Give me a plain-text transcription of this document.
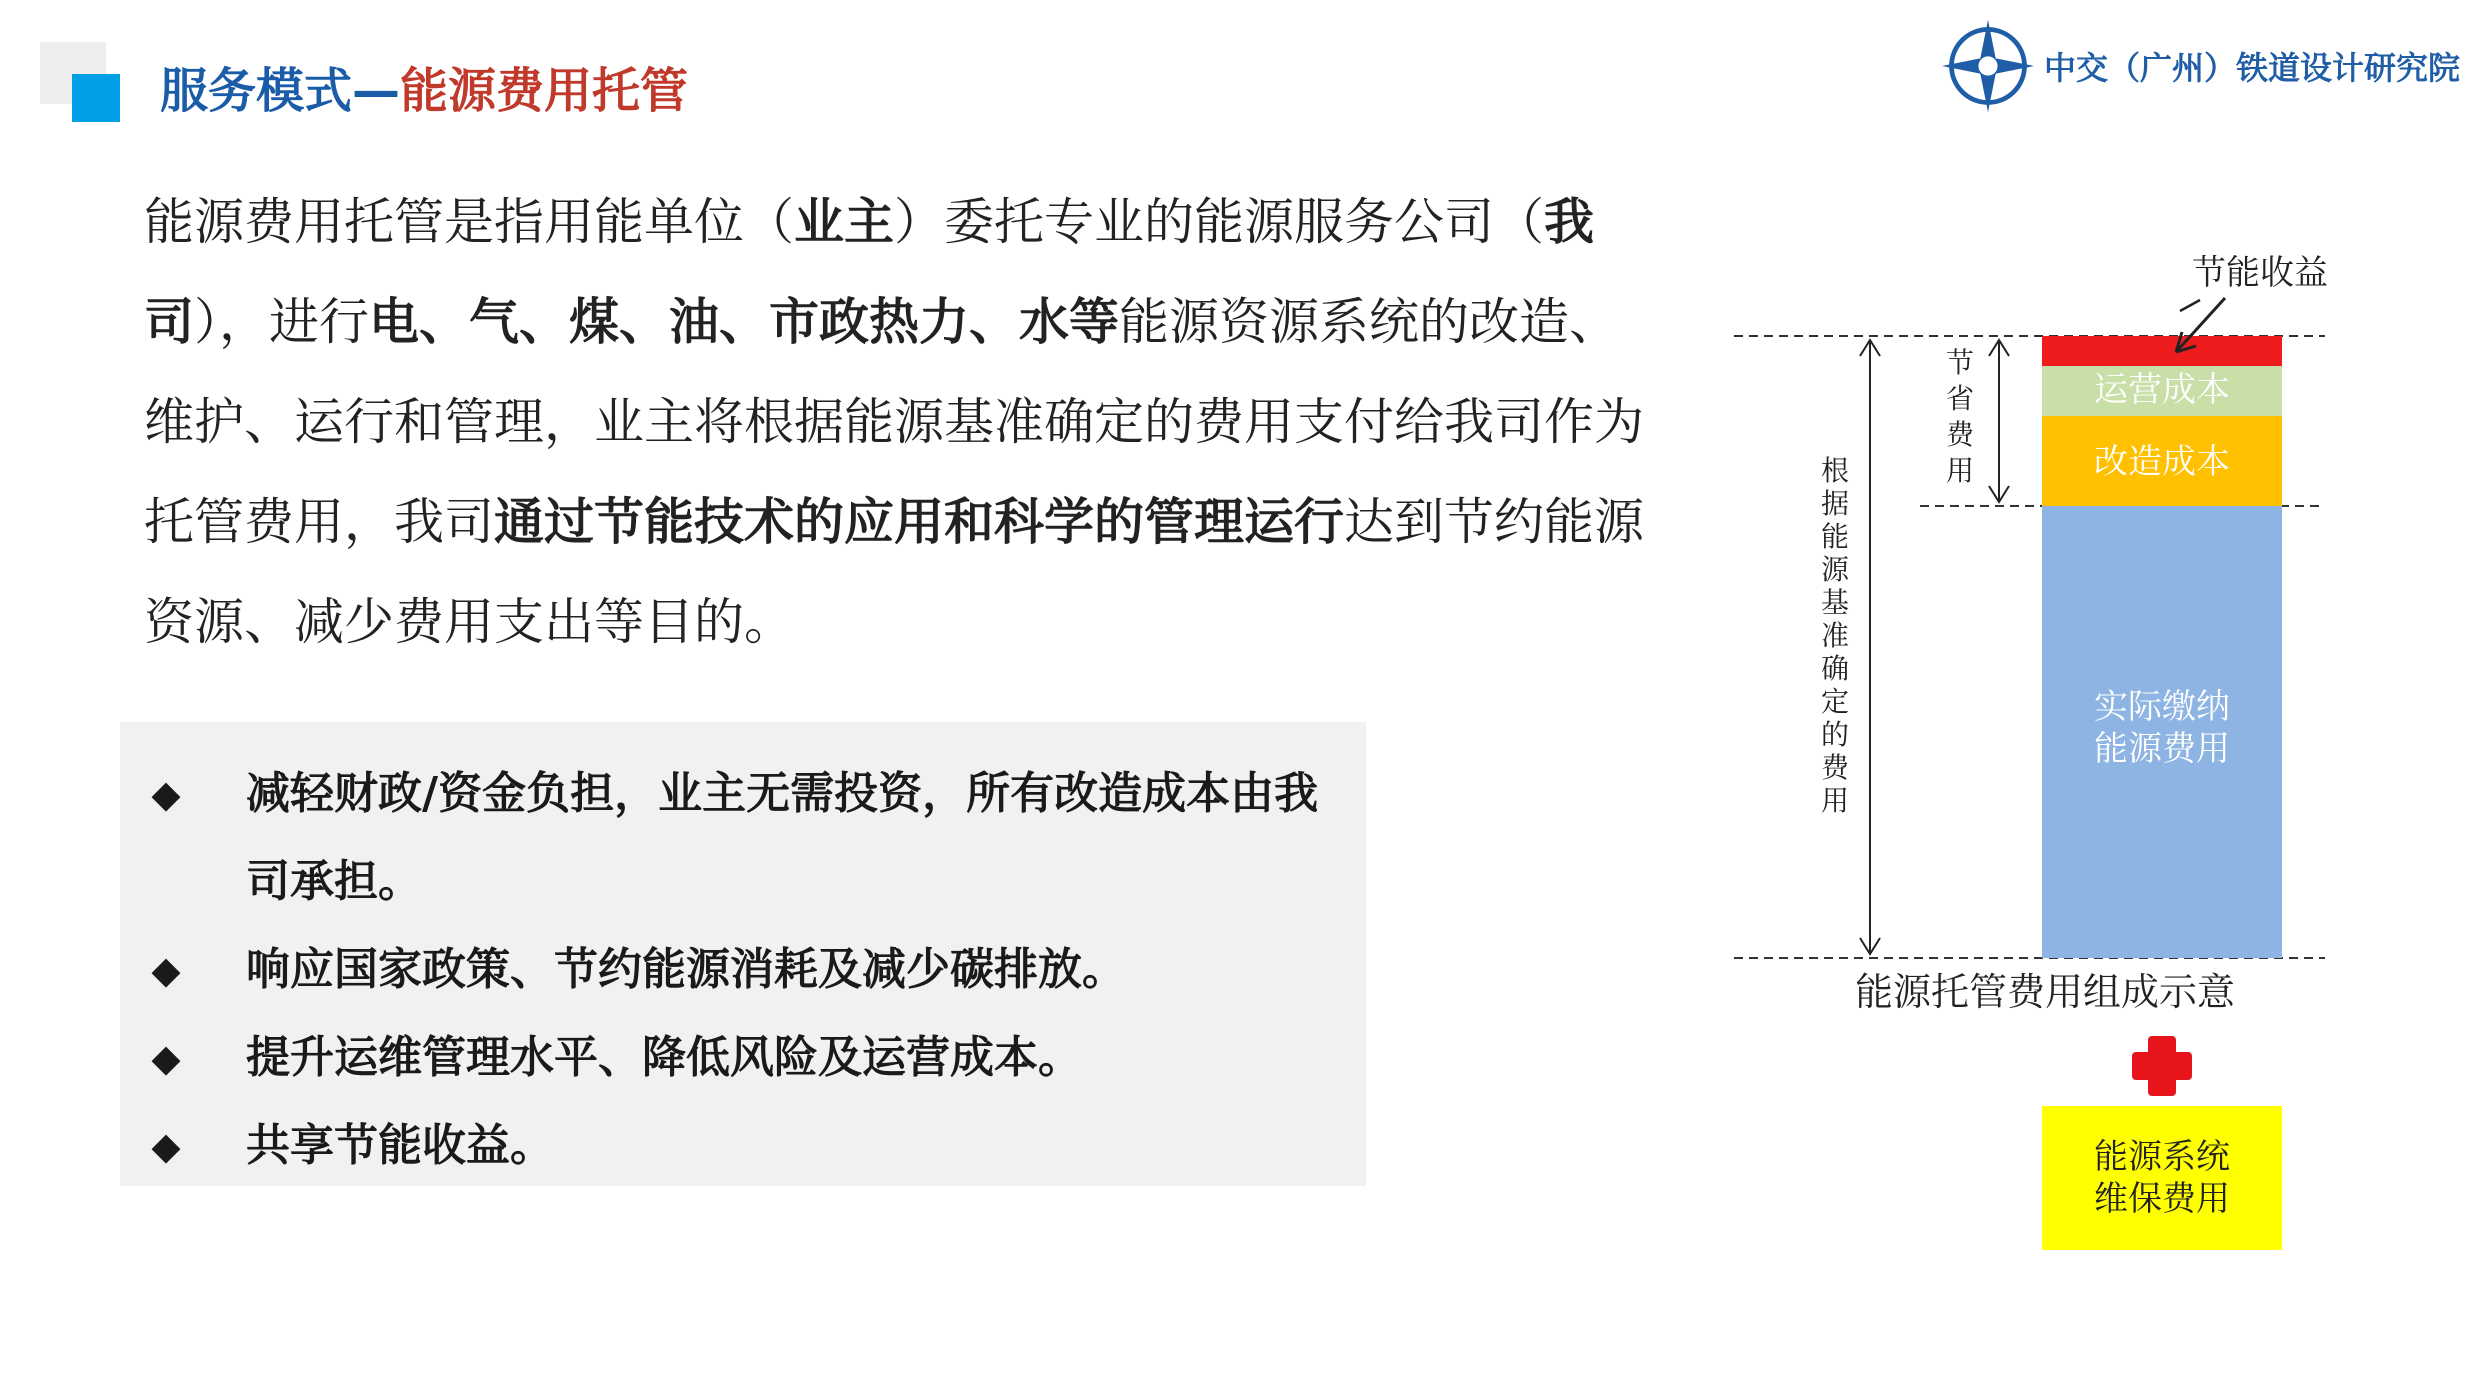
服务模式—能源费用托管	中交（广州）铁道设计研究院
能源费用托管是指用能单位（业主）委托专业的能源服务公司（我司），进行电、气、煤、油、市政热力、水等能源资源系统的改造、维护、运行和管理，业主将根据能源基准确定的费用支付给我司作为托管费用，我司通过节能技术的应用和科学的管理运行达到节约能源资源、减少费用支出等目的。
◆	减轻财政/资金负担，业主无需投资，所有改造成本由我司承担。
◆	响应国家政策、节约能源消耗及减少碳排放。
◆	提升运维管理水平、降低风险及运营成本。
◆	共享节能收益。
运营成本
改造成本
实际缴纳
能源费用
节能收益
节
省
费
用
根
据
能
源
基
准
确
定
的
费
用
能源托管费用组成示意
能源系统
维保费用
